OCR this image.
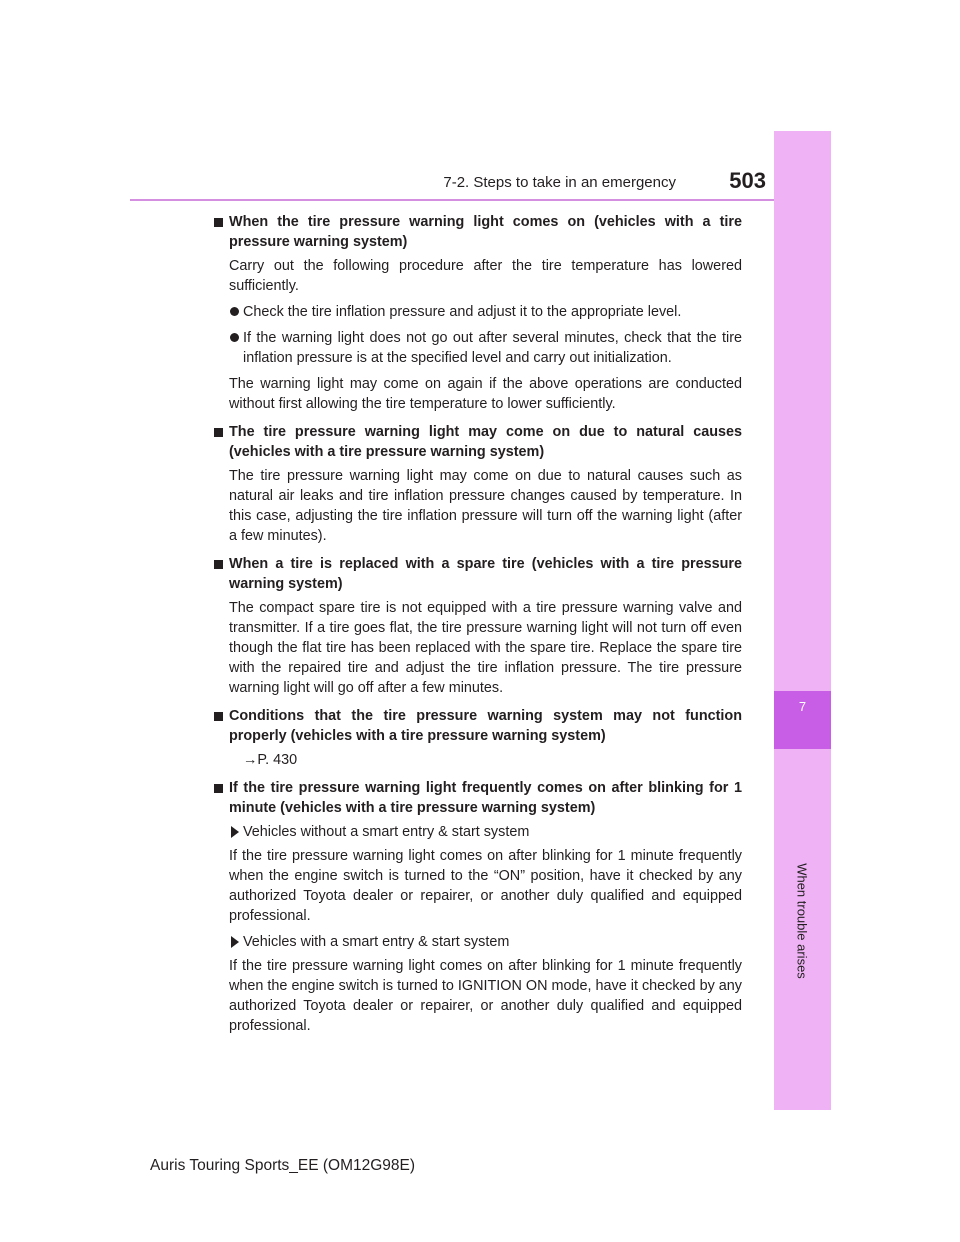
7-2. Steps to take in an emergency	503
7
When trouble arises
When the tire pressure warning light comes on (vehicles with a tire pressure warning system)
Carry out the following procedure after the tire temperature has lowered sufficiently.
Check the tire inflation pressure and adjust it to the appropriate level.
If the warning light does not go out after several minutes, check that the tire inflation pressure is at the specified level and carry out initialization.
The warning light may come on again if the above operations are conducted without first allowing the tire temperature to lower sufficiently.
The tire pressure warning light may come on due to natural causes (vehicles with a tire pressure warning system)
The tire pressure warning light may come on due to natural causes such as natural air leaks and tire inflation pressure changes caused by temperature. In this case, adjusting the tire inflation pressure will turn off the warning light (after a few minutes).
When a tire is replaced with a spare tire (vehicles with a tire pressure warning system)
The compact spare tire is not equipped with a tire pressure warning valve and transmitter. If a tire goes flat, the tire pressure warning light will not turn off even though the flat tire has been replaced with the spare tire. Replace the spare tire with the repaired tire and adjust the tire inflation pressure. The tire pressure warning light will go off after a few minutes.
Conditions that the tire pressure warning system may not function properly (vehicles with a tire pressure warning system)
→P. 430
If the tire pressure warning light frequently comes on after blinking for 1 minute (vehicles with a tire pressure warning system)
Vehicles without a smart entry & start system
If the tire pressure warning light comes on after blinking for 1 minute frequently when the engine switch is turned to the “ON” position, have it checked by any authorized Toyota dealer or repairer, or another duly qualified and equipped professional.
Vehicles with a smart entry & start system
If the tire pressure warning light comes on after blinking for 1 minute frequently when the engine switch is turned to IGNITION ON mode, have it checked by any authorized Toyota dealer or repairer, or another duly qualified and equipped professional.
Auris Touring Sports_EE (OM12G98E)
